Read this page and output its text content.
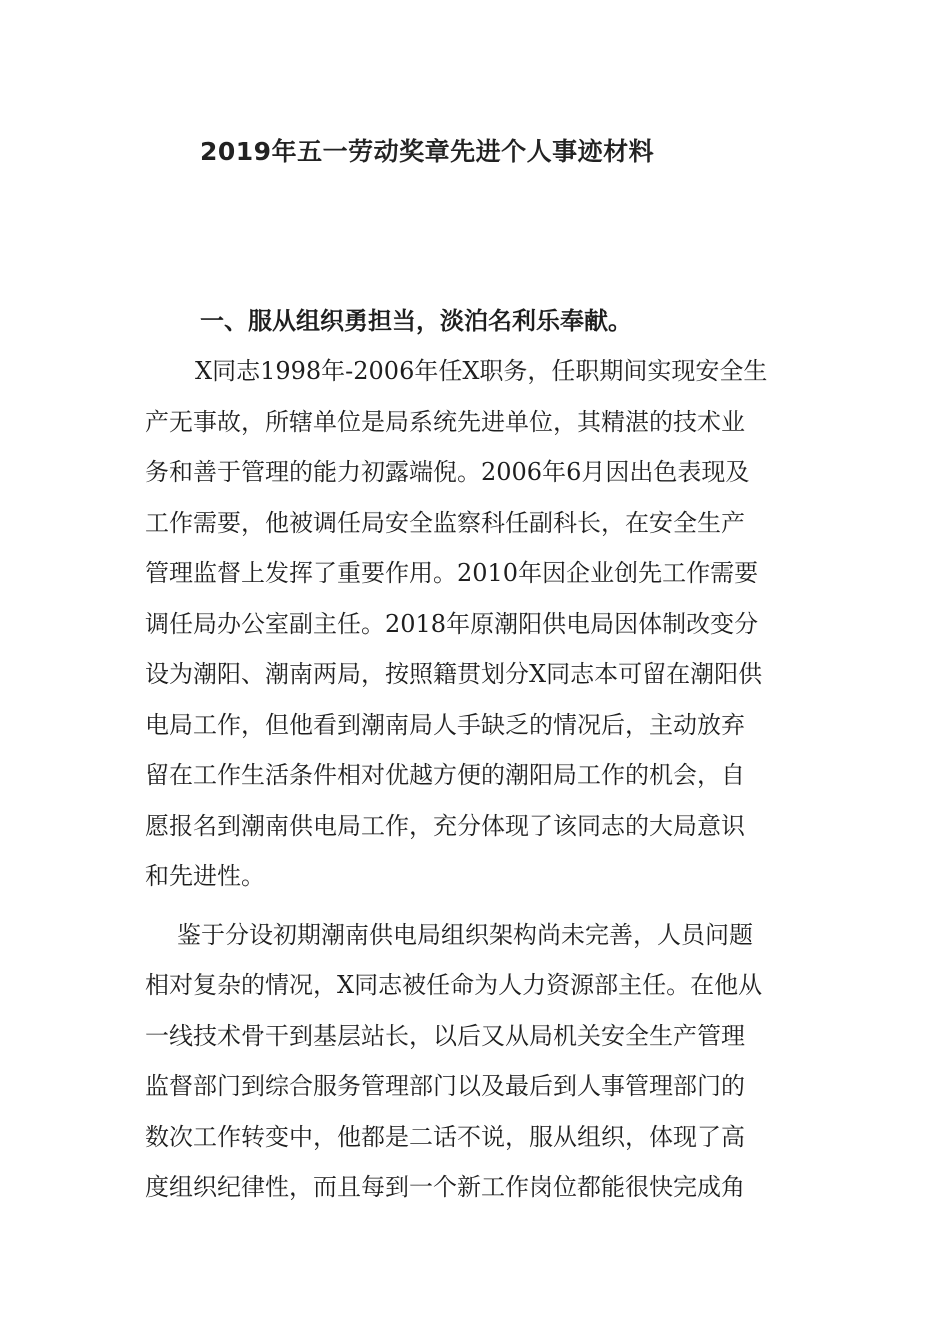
2019年五一劳动奖章先进个人事迹材料
一、服从组织勇担当，淡泊名利乐奉献。
X同志1998年-2006年任X职务，任职期间实现安全生
产无事故，所辖单位是局系统先进单位，其精湛的技术业
务和善于管理的能力初露端倪。2006年6月因出色表现及
工作需要，他被调任局安全监察科任副科长，在安全生产
管理监督上发挥了重要作用。2010年因企业创先工作需要
调任局办公室副主任。2018年原潮阳供电局因体制改变分
设为潮阳、潮南两局，按照籍贯划分X同志本可留在潮阳供
电局工作，但他看到潮南局人手缺乏的情况后，主动放弃
留在工作生活条件相对优越方便的潮阳局工作的机会，自
愿报名到潮南供电局工作，充分体现了该同志的大局意识
和先进性。
鉴于分设初期潮南供电局组织架构尚未完善，人员问题
相对复杂的情况，X同志被任命为人力资源部主任。在他从
一线技术骨干到基层站长，以后又从局机关安全生产管理
监督部门到综合服务管理部门以及最后到人事管理部门的
数次工作转变中，他都是二话不说，服从组织，体现了高
度组织纪律性，而且每到一个新工作岗位都能很快完成角
